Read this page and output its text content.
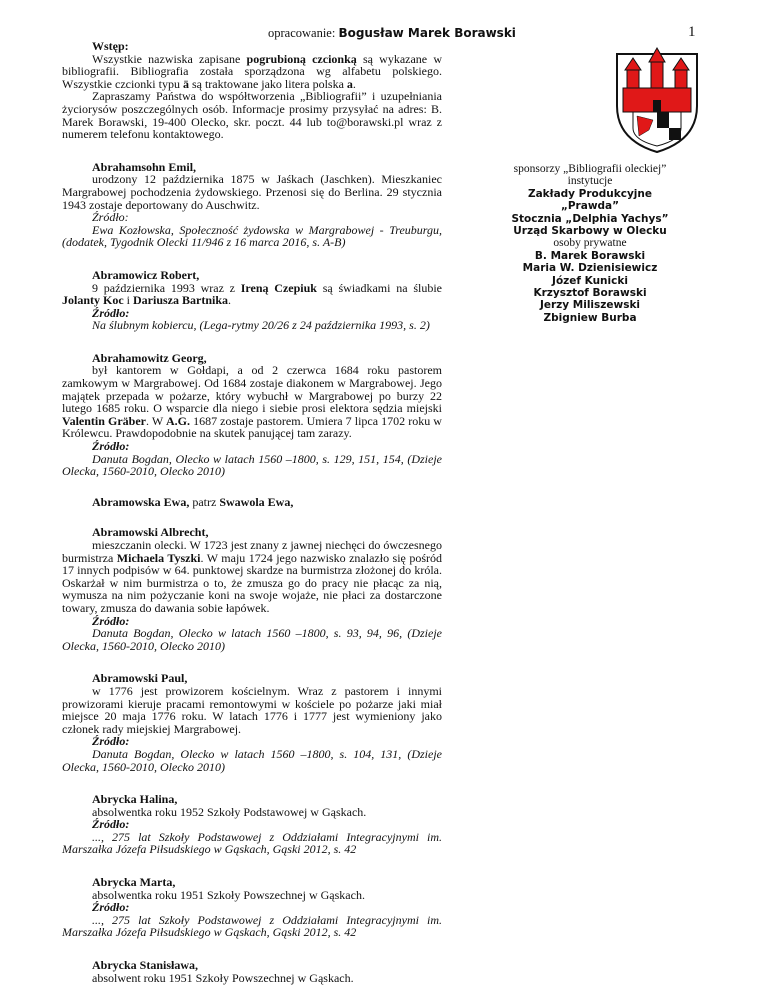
opracowanie: Bogusław Marek Borawski	1

Wstęp:

Wszystkie nazwiska zapisane pogrubioną czcionką są wykazane w bibliografii. Bibliografia została sporządzona wg alfabetu polskiego. Wszystkie czcionki typu ä są traktowane jako litera polska a.

Zapraszamy Państwa do współtworzenia „Bibliografii” i uzupełniania życiorysów poszczególnych osób. Informacje prosimy przysyłać na adres: B. Marek Borawski, 19-400 Olecko, skr. poczt. 44 lub to@borawski.pl wraz z numerem telefonu kontaktowego.

Abrahamsohn Emil,

urodzony 12 października 1875 w Jaśkach (Jaschken). Mieszkaniec Margrabowej pochodzenia żydowskiego. Przenosi się do Berlina. 29 stycznia 1943 zostaje deportowany do Auschwitz.

Źródło:

Ewa Kozłowska, Społeczność żydowska w Margrabowej - Treuburgu, (dodatek, Tygodnik Olecki 11/946 z 16 marca 2016, s. A-B)

Abramowicz Robert,

9 października 1993 wraz z Ireną Czepiuk są świadkami na ślubie Jolanty Koc i Dariusza Bartnika.

Źródło:

Na ślubnym kobiercu, (Lega-rytmy 20/26 z 24 października 1993, s. 2)

Abrahamowitz Georg,

był kantorem w Gołdapi, a od 2 czerwca 1684 roku pastorem zamkowym w Margrabowej. Od 1684 zostaje diakonem w Margrabowej. Jego majątek przepada w pożarze, który wybuchł w Margrabowej po burzy 22 lutego 1685 roku. O wsparcie dla niego i siebie prosi elektora sędzia miejski Valentin Gräber. W A.G. 1687 zostaje pastorem. Umiera 7 lipca 1702 roku w Królewcu. Prawdopodobnie na skutek panującej tam zarazy.

Źródło:

Danuta Bogdan, Olecko w latach 1560 –1800, s. 129, 151, 154, (Dzieje Olecka, 1560-2010, Olecko 2010)

Abramowska Ewa, patrz Swawola Ewa,

Abramowski Albrecht,

mieszczanin olecki. W 1723 jest znany z jawnej niechęci do ówczesnego burmistrza Michaela Tyszki. W maju 1724 jego nazwisko znalazło się pośród 17 innych podpisów w 64. punktowej skardze na burmistrza złożonej do króla. Oskarżał w nim burmistrza o to, że zmusza go do pracy nie płacąc za nią, wymusza na nim pożyczanie koni na swoje wojaże, nie płaci za dostarczone towary, zmusza do dawania sobie łapówek.

Źródło:

Danuta Bogdan, Olecko w latach 1560 –1800, s. 93, 94, 96, (Dzieje Olecka, 1560-2010, Olecko 2010)

Abramowski Paul,

w 1776 jest prowizorem kościelnym. Wraz z pastorem i innymi prowizorami kieruje pracami remontowymi w kościele po pożarze jaki miał miejsce 20 maja 1776 roku. W latach 1776 i 1777 jest wymieniony jako członek rady miejskiej Margrabowej.

Źródło:

Danuta Bogdan, Olecko w latach 1560 –1800, s. 104, 131, (Dzieje Olecka, 1560-2010, Olecko 2010)

Abrycka Halina,

absolwentka roku 1952 Szkoły Podstawowej w Gąskach.

Źródło:

..., 275 lat Szkoły Podstawowej z Oddziałami Integracyjnymi im. Marszałka Józefa Piłsudskiego w Gąskach, Gąski 2012, s. 42

Abrycka Marta,

absolwentka roku 1951 Szkoły Powszechnej w Gąskach.

Źródło:

..., 275 lat Szkoły Podstawowej z Oddziałami Integracyjnymi im. Marszałka Józefa Piłsudskiego w Gąskach, Gąski 2012, s. 42

Abrycka Stanisława,

absolwent roku 1951 Szkoły Powszechnej w Gąskach.

sponsorzy „Bibliografii oleckiej”
instytucje
Zakłady Produkcyjne „Prawda”
Stocznia „Delphia Yachys”
Urząd Skarbowy w Olecku
osoby prywatne
B. Marek Borawski
Maria W. Dzienisiewicz
Józef Kunicki
Krzysztof Borawski
Jerzy Miliszewski
Zbigniew Burba
